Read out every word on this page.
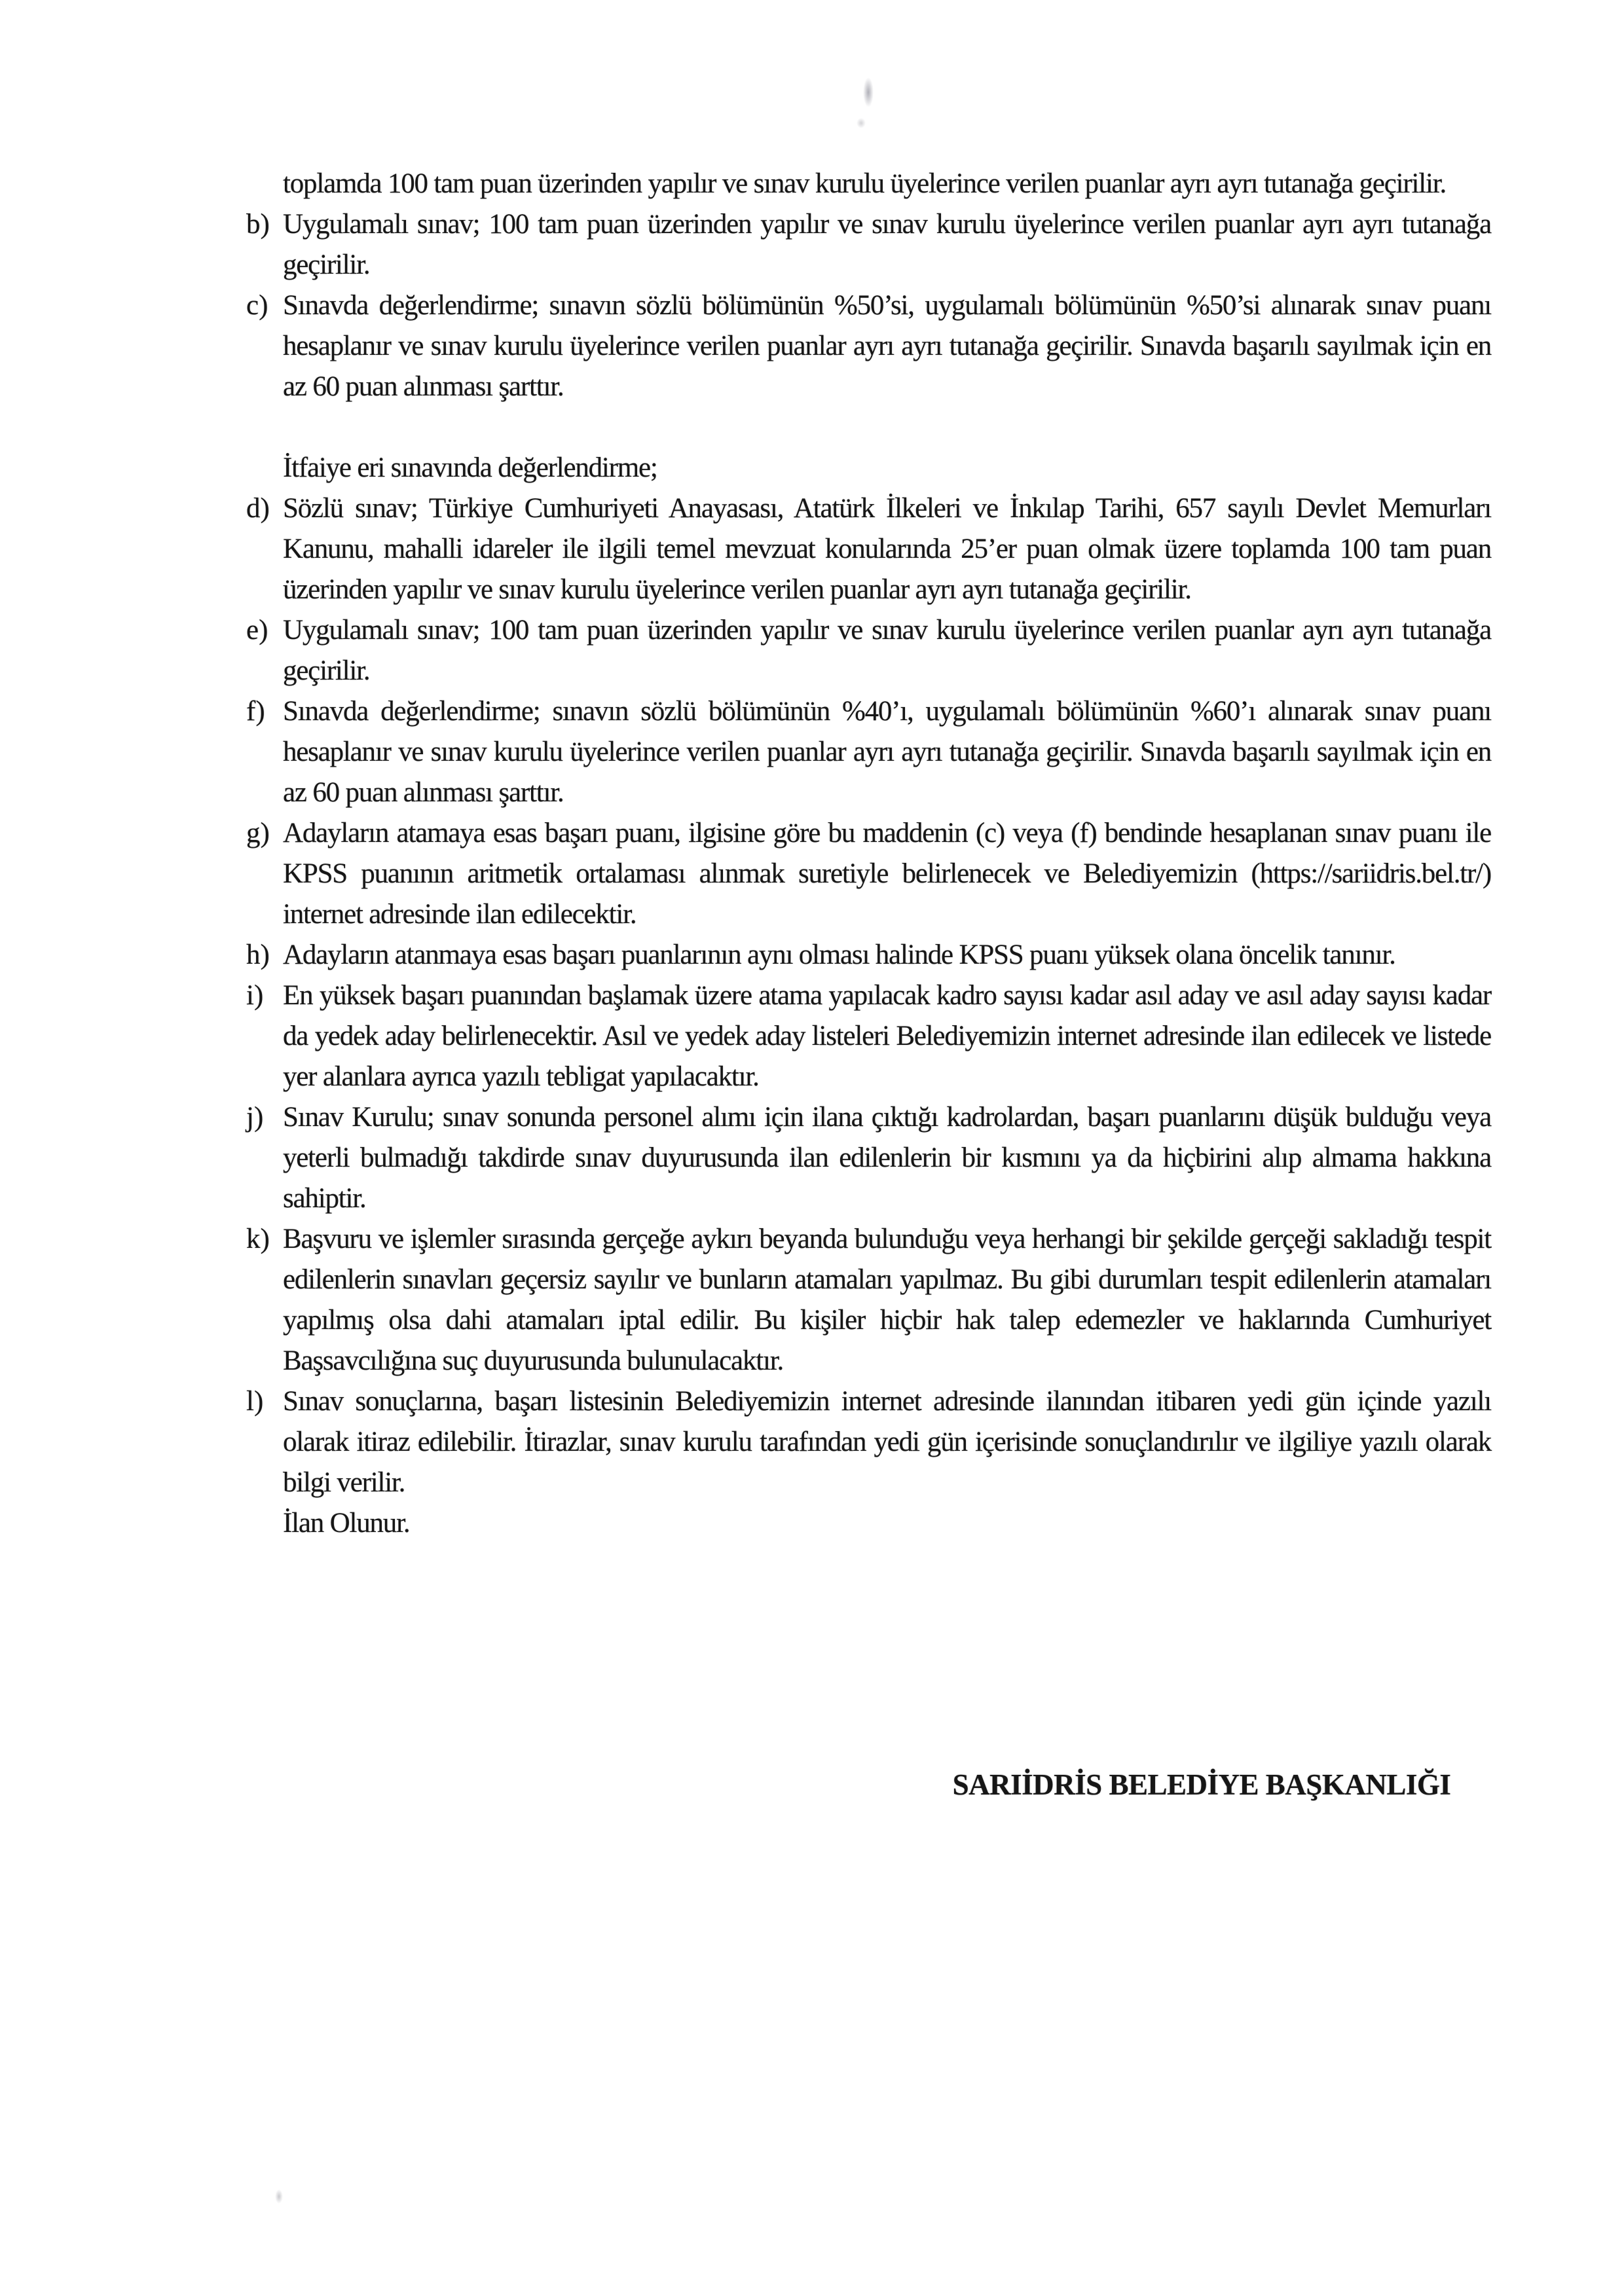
toplamda 100 tam puan üzerinden yapılır ve sınav kurulu üyelerince verilen puanlar ayrı ayrı tutanağa geçirilir.
b) Uygulamalı sınav; 100 tam puan üzerinden yapılır ve sınav kurulu üyelerince verilen puanlar ayrı ayrı tutanağa geçirilir.
c) Sınavda değerlendirme; sınavın sözlü bölümünün %50’si, uygulamalı bölümünün %50’si alınarak sınav puanı hesaplanır ve sınav kurulu üyelerince verilen puanlar ayrı ayrı tutanağa geçirilir. Sınavda başarılı sayılmak için en az 60 puan alınması şarttır.
İtfaiye eri sınavında değerlendirme;
d) Sözlü sınav; Türkiye Cumhuriyeti Anayasası, Atatürk İlkeleri ve İnkılap Tarihi, 657 sayılı Devlet Memurları Kanunu, mahalli idareler ile ilgili temel mevzuat konularında 25’er puan olmak üzere toplamda 100 tam puan üzerinden yapılır ve sınav kurulu üyelerince verilen puanlar ayrı ayrı tutanağa geçirilir.
e) Uygulamalı sınav; 100 tam puan üzerinden yapılır ve sınav kurulu üyelerince verilen puanlar ayrı ayrı tutanağa geçirilir.
f) Sınavda değerlendirme; sınavın sözlü bölümünün %40’ı, uygulamalı bölümünün %60’ı alınarak sınav puanı hesaplanır ve sınav kurulu üyelerince verilen puanlar ayrı ayrı tutanağa geçirilir. Sınavda başarılı sayılmak için en az 60 puan alınması şarttır.
g) Adayların atamaya esas başarı puanı, ilgisine göre bu maddenin (c) veya (f) bendinde hesaplanan sınav puanı ile KPSS puanının aritmetik ortalaması alınmak suretiyle belirlenecek ve Belediyemizin (https://sariidris.bel.tr/) internet adresinde ilan edilecektir.
h) Adayların atanmaya esas başarı puanlarının aynı olması halinde KPSS puanı yüksek olana öncelik tanınır.
i) En yüksek başarı puanından başlamak üzere atama yapılacak kadro sayısı kadar asıl aday ve asıl aday sayısı kadar da yedek aday belirlenecektir. Asıl ve yedek aday listeleri Belediyemizin internet adresinde ilan edilecek ve listede yer alanlara ayrıca yazılı tebligat yapılacaktır.
j) Sınav Kurulu; sınav sonunda personel alımı için ilana çıktığı kadrolardan, başarı puanlarını düşük bulduğu veya yeterli bulmadığı takdirde sınav duyurusunda ilan edilenlerin bir kısmını ya da hiçbirini alıp almama hakkına sahiptir.
k) Başvuru ve işlemler sırasında gerçeğe aykırı beyanda bulunduğu veya herhangi bir şekilde gerçeği sakladığı tespit edilenlerin sınavları geçersiz sayılır ve bunların atamaları yapılmaz. Bu gibi durumları tespit edilenlerin atamaları yapılmış olsa dahi atamaları iptal edilir. Bu kişiler hiçbir hak talep edemezler ve haklarında Cumhuriyet Başsavcılığına suç duyurusunda bulunulacaktır.
l) Sınav sonuçlarına, başarı listesinin Belediyemizin internet adresinde ilanından itibaren yedi gün içinde yazılı olarak itiraz edilebilir. İtirazlar, sınav kurulu tarafından yedi gün içerisinde sonuçlandırılır ve ilgiliye yazılı olarak bilgi verilir.
İlan Olunur.
SARIİDRİS BELEDİYE BAŞKANLIĞI
